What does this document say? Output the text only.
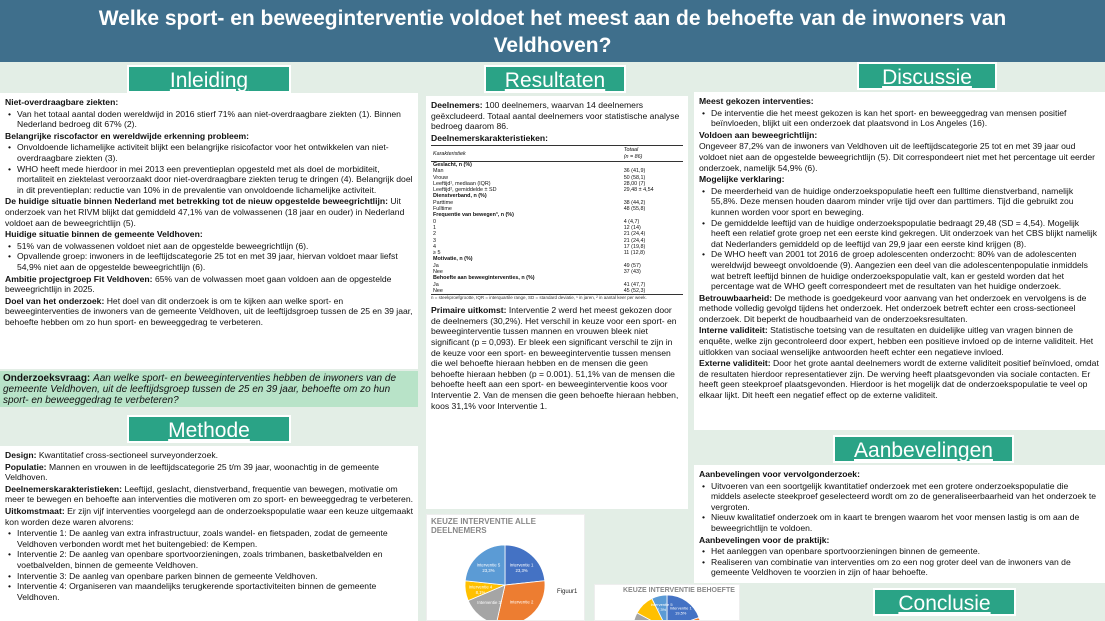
Welke sport- en beweeginterventie voldoet het meest aan de behoefte van de inwoners van
Veldhoven?
Inleiding	Resultaten	Discussie
Methode
Aanbevelingen
Conclusie

Niet-overdraagbare ziekten:

• Van het totaal aantal doden wereldwijd in 2016 stierf 71% aan niet-overdraagbare ziekten (1). Binnen Nederland bedroeg dit 67% (2).

Belangrijke riscofactor en wereldwijde erkenning probleem:

• Onvoldoende lichamelijke activiteit blijkt een belangrijke risicofactor voor het ontwikkelen van niet-overdraagbare ziekten (3).
• WHO heeft mede hierdoor in mei 2013 een preventieplan opgesteld met als doel de morbiditeit, mortaliteit en ziektelast veroorzaakt door niet-overdraagbare ziekten terug te dringen (4). Belangrijk doel in dit preventieplan: reductie van 10% in de prevalentie van onvoldoende lichamelijke activiteit.

De huidige situatie binnen Nederland met betrekking tot de nieuw opgestelde beweegrichtlijn: Uit onderzoek van het RIVM blijkt dat gemiddeld 47,1% van de volwassenen (18 jaar en ouder) in Nederland voldoet aan de beweegrichtlijn (5).

Huidige situatie binnen de gemeente Veldhoven:

• 51% van de volwassenen voldoet niet aan de opgestelde beweegrichtlijn (6).
• Opvallende groep: inwoners in de leeftijdscategorie 25 tot en met 39 jaar, hiervan voldoet maar liefst 54,9% niet aan de opgestelde beweegrichtlijn (6).

Ambitie projectgroep Fit Veldhoven: 65% van de volwassen moet gaan voldoen aan de opgestelde beweegrichtlijn in 2025.

Doel van het onderzoek: Het doel van dit onderzoek is om te kijken aan welke sport- en beweeginterventies de inwoners van de gemeente Veldhoven, uit de leeftijdsgroep tussen de 25 en 39 jaar, behoefte hebben om zo hun sport- en beweeggedrag te verbeteren.

Onderzoeksvraag: Aan welke sport- en beweeginterventies hebben de inwoners van de gemeente Veldhoven, uit de leeftijdsgroep tussen de 25 en 39 jaar, behoefte om zo hun sport- en beweeggedrag te verbeteren?

Design: Kwantitatief cross-sectioneel surveyonderzoek.

Populatie: Mannen en vrouwen in de leeftijdscategorie 25 t/m 39 jaar, woonachtig in de gemeente Veldhoven.

Deelnemerskarakteristieken: Leeftijd, geslacht, dienstverband, frequentie van bewegen, motivatie om meer te bewegen en behoefte aan interventies die motiveren om zo sport- en beweeggedrag te verbeteren.

Uitkomstmaat: Er zijn vijf interventies voorgelegd aan de onderzoekspopulatie waar een keuze uitgemaakt kon worden deze waren alvorens:

• Interventie 1: De aanleg van extra infrastructuur, zoals wandel- en fietspaden, zodat de gemeente Veldhoven verbonden wordt met het buitengebied: de Kempen.
• Interventie 2: De aanleg van openbare sportvoorzieningen, zoals trimbanen, basketbalvelden en voetbalvelden, binnen de gemeente Veldhoven.
• Interventie 3: De aanleg van openbare parken binnen de gemeente Veldhoven.
• Interventie 4: Organiseren van maandelijks terugkerende sportactiviteiten binnen de gemeente Veldhoven.

Deelnemers: 100 deelnemers, waarvan 14 deelnemers geëxcludeerd. Totaal aantal deelnemers voor statistische analyse bedroeg daarom 86.

Deelnemerskarakteristieken:

Karakteristiek	Totaal
(n = 86)
Geslacht, n (%)	
Man	36 (41,9)
Vrouw	50 (58,1)
Leeftijd¹, mediaan (IQR)	28,00 (7)
Leeftijd², gemiddelde ± SD	29,48 ± 4,54
Dienstverband, n (%)	
Parttime	38 (44,2)
Fulltime	48 (55,8)
Frequentie van bewegen³, n (%)	
0	4 (4,7)
1	12 (14)
2	21 (24,4)
3	21 (24,4)
4	17 (19,8)
≥ 5	11 (12,8)
Motivatie, n (%)	
Ja	49 (57)
Nee	37 (43)
Behoefte aan beweeginterventies, n (%)	
Ja	41 (47,7)
Nee	45 (52,3)
n = steekproefgrootte, IQR = interquartile range, SD = standard deviatie, ¹ in jaren, ² in aantal keer per week.

Primaire uitkomst: Interventie 2 werd het meest gekozen door de deelnemers (30,2%). Het verschil in keuze voor een sport- en beweeginterventie tussen mannen en vrouwen bleek niet significant (p = 0,093). Er bleek een significant verschil te zijn in de keuze voor een sport- en beweeginterventie tussen mensen die wel behoefte hieraan hebben en de mensen die geen behoefte hieraan hebben (p = 0.001). 51,1% van de mensen die behoefte heeft aan een sport- en beweeginterventie koos voor Interventie 2. Van de mensen die geen behoefte hieraan hebben, koos 31,1% voor Interventie 1.

KEUZE INTERVENTIE ALLE DEELNEMERS
Interventie 1
23,3%
Interventie 2
Interventie 3
Interventie 4
8,1%
Interventie 5
23,3%
Figuur1	KEUZE INTERVENTIE BEHOEFTE
Interventie 1
19,5%
Interventie 5
7,3%

Meest gekozen interventies:

• De interventie die het meest gekozen is kan het sport- en beweeggedrag van mensen positief beïnvloeden, blijkt uit een onderzoek dat plaatsvond in Los Angeles (16).

Voldoen aan beweegrichtlijn:

Ongeveer 87,2% van de inwoners van Veldhoven uit de leeftijdscategorie 25 tot en met 39 jaar oud voldoet niet aan de opgestelde beweegrichtlijn (5). Dit correspondeert niet met het percentage uit eerder onderzoek, namelijk 54,9% (6).

Mogelijke verklaring:

• De meerderheid van de huidige onderzoekspopulatie heeft een fulltime dienstverband, namelijk 55,8%. Deze mensen houden daarom minder vrije tijd over dan parttimers. Tijd die gebruikt zou kunnen worden voor sport en beweging.
• De gemiddelde leeftijd van de huidige onderzoekspopulatie bedraagt 29,48 (SD = 4,54). Mogelijk heeft een relatief grote groep net een eerste kind gekregen. Uit onderzoek van het CBS blijkt namelijk dat Nederlanders gemiddeld op de leeftijd van 29,9 jaar een eerste kind krijgen (8).
• De WHO heeft van 2001 tot 2016 de groep adolescenten onderzocht: 80% van de adolescenten wereldwijd beweegt onvoldoende (9). Aangezien een deel van die adolescentenpopulatie inmiddels wat betreft leeftijd binnen de huidige onderzoekspopulatie valt, kan er gesteld worden dat het percentage wat de WHO geeft correspondeert met de resultaten van het huidige onderzoek.

Betrouwbaarheid: De methode is goedgekeurd voor aanvang van het onderzoek en vervolgens is de methode volledig gevolgd tijdens het onderzoek. Het onderzoek betreft echter een cross-sectioneel onderzoek. Dit beperkt de houdbaarheid van de onderzoeksresultaten.

Interne validiteit: Statistische toetsing van de resultaten en duidelijke uitleg van vragen binnen de enquête, welke zijn gecontroleerd door expert, hebben een positieve invloed op de interne validiteit. Het uitlokken van sociaal wenselijke antwoorden heeft echter een negatieve invloed.

Externe validiteit: Door het grote aantal deelnemers wordt de externe validiteit positief beïnvloed, omdat de resultaten hierdoor representatiever zijn. De werving heeft plaatsgevonden via sociale contacten. Er heeft geen steekproef plaatsgevonden. Hierdoor is het mogelijk dat de onderzoekspopulatie te veel op elkaar lijkt. Dit heeft een negatief effect op de externe validiteit.

Aanbevelingen voor vervolgonderzoek:

• Uitvoeren van een soortgelijk kwantitatief onderzoek met een grotere onderzoekspopulatie die middels aselecte steekproef geselecteerd wordt om zo de generaliseerbaarheid van het onderzoek te vergroten.
• Nieuw kwalitatief onderzoek om in kaart te brengen waarom het voor mensen lastig is om aan de beweegrichtlijn te voldoen.

Aanbevelingen voor de praktijk:

• Het aanleggen van openbare sportvoorzieningen binnen de gemeente.
• Realiseren van combinatie van interventies om zo een nog groter deel van de inwoners van de gemeente Veldhoven te voorzien in zijn of haar behoefte.
